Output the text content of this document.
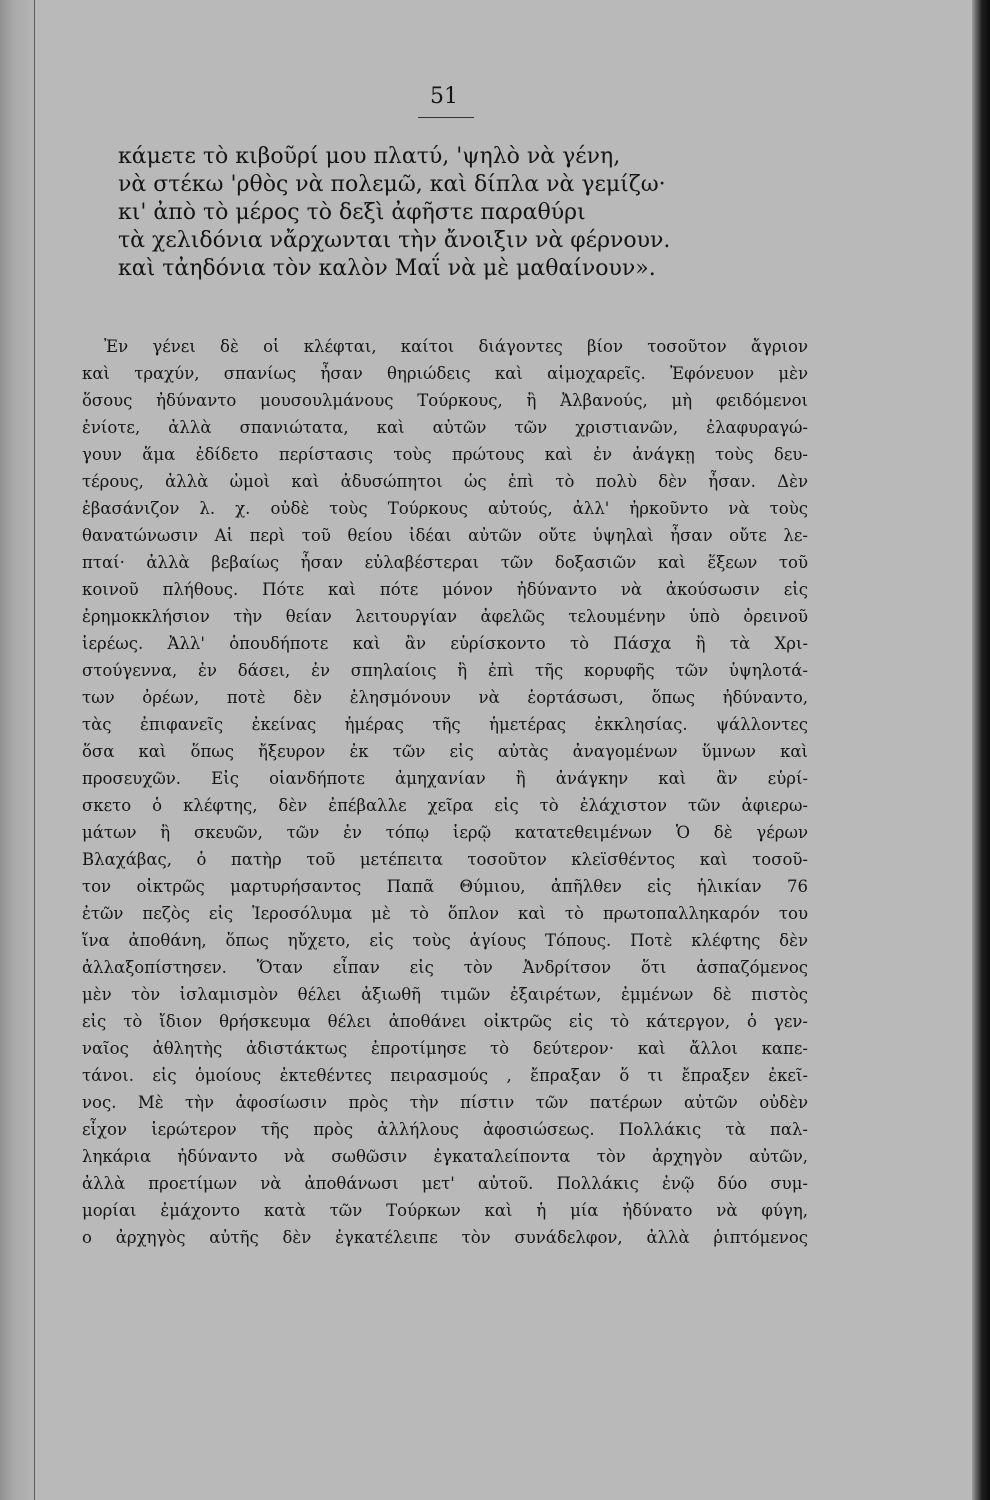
51
κάμετε τὸ κιβοῦρί μου πλατύ, 'ψηλὸ νὰ γένη,
νὰ στέκω 'ρθὸς νὰ πολεμῶ, καὶ δίπλα νὰ γεμίζω·
κι' ἀπὸ τὸ μέρος τὸ δεξὶ ἀφῆστε παραθύρι
τὰ χελιδόνια νἄρχωνται τὴν ἄνοιξιν νὰ φέρνουν.
καὶ τἀηδόνια τὸν καλὸν Μαΐ νὰ μὲ μαθαίνουν».
Ἐν γένει δὲ οἱ κλέφται, καίτοι διάγοντες βίον τοσοῦτον ἄγριον
καὶ τραχύν, σπανίως ἦσαν θηριώδεις καὶ αἱμοχαρεῖς. Ἐφόνευον μὲν
ὅσους ἠδύναντο μουσουλμάνους Τούρκους, ἢ Ἀλβανούς, μὴ φειδόμενοι
ἐνίοτε, ἀλλὰ σπανιώτατα, καὶ αὐτῶν τῶν χριστιανῶν, ἐλαφυραγώ-
γουν ἅμα ἐδίδετο περίστασις τοὺς πρώτους καὶ ἐν ἀνάγκῃ τοὺς δευ-
τέρους, ἀλλὰ ὠμοὶ καὶ ἀδυσώπητοι ὡς ἐπὶ τὸ πολὺ δὲν ἦσαν. Δὲν
ἐβασάνιζον λ. χ. οὐδὲ τοὺς Τούρκους αὐτούς, ἀλλ' ἠρκοῦντο νὰ τοὺς
θανατώνωσιν Αἱ περὶ τοῦ θείου ἰδέαι αὐτῶν οὔτε ὑψηλαὶ ἦσαν οὔτε λε-
πταί· ἀλλὰ βεβαίως ἦσαν εὐλαβέστεραι τῶν δοξασιῶν καὶ ἕξεων τοῦ
κοινοῦ πλήθους. Πότε καὶ πότε μόνον ἠδύναντο νὰ ἀκούσωσιν εἰς
ἐρημοκκλήσιον τὴν θείαν λειτουργίαν ἀφελῶς τελουμένην ὑπὸ ὀρεινοῦ
ἱερέως. Ἀλλ' ὁπουδήποτε καὶ ἂν εὑρίσκοντο τὸ Πάσχα ἢ τὰ Χρι-
στούγεννα, ἐν δάσει, ἐν σπηλαίοις ἢ ἐπὶ τῆς κορυφῆς τῶν ὑψηλοτά-
των ὀρέων, ποτὲ δὲν ἐλησμόνουν νὰ ἑορτάσωσι, ὅπως ἠδύναντο,
τὰς ἐπιφανεῖς ἐκείνας ἡμέρας τῆς ἡμετέρας ἐκκλησίας. ψάλλοντες
ὅσα καὶ ὅπως ἤξευρον ἐκ τῶν εἰς αὐτὰς ἀναγομένων ὕμνων καὶ
προσευχῶν. Εἰς οἱανδήποτε ἀμηχανίαν ἢ ἀνάγκην καὶ ἂν εὑρί-
σκετο ὁ κλέφτης, δὲν ἐπέβαλλε χεῖρα εἰς τὸ ἐλάχιστον τῶν ἀφιερω-
μάτων ἢ σκευῶν, τῶν ἐν τόπῳ ἱερῷ κατατεθειμένων Ὁ δὲ γέρων
Βλαχάβας, ὁ πατὴρ τοῦ μετέπειτα τοσοῦτον κλεϊσθέντος καὶ τοσοῦ-
τον οἰκτρῶς μαρτυρήσαντος Παπᾶ Θύμιου, ἀπῆλθεν εἰς ἡλικίαν 76
ἐτῶν πεζὸς εἰς Ἱεροσόλυμα μὲ τὸ ὅπλον καὶ τὸ πρωτοπαλληκαρόν του
ἵνα ἀποθάνη, ὅπως ηὔχετο, εἰς τοὺς ἁγίους Τόπους. Ποτὲ κλέφτης δὲν
ἀλλαξοπίστησεν. Ὅταν εἶπαν εἰς τὸν Ἀνδρίτσον ὅτι ἀσπαζόμενος
μὲν τὸν ἰσλαμισμὸν θέλει ἀξιωθῆ τιμῶν ἐξαιρέτων, ἐμμένων δὲ πιστὸς
εἰς τὸ ἴδιον θρήσκευμα θέλει ἀποθάνει οἰκτρῶς εἰς τὸ κάτεργον, ὁ γεν-
ναῖος ἀθλητὴς ἀδιστάκτως ἐπροτίμησε τὸ δεύτερον· καὶ ἄλλοι καπε-
τάνοι. εἰς ὁμοίους ἐκτεθέντες πειρασμούς , ἔπραξαν ὅ τι ἔπραξεν ἐκεῖ-
νος. Μὲ τὴν ἀφοσίωσιν πρὸς τὴν πίστιν τῶν πατέρων αὐτῶν οὐδὲν
εἶχον ἱερώτερον τῆς πρὸς ἀλλήλους ἀφοσιώσεως. Πολλάκις τὰ παλ-
ληκάρια ἠδύναντο νὰ σωθῶσιν ἐγκαταλείποντα τὸν ἀρχηγὸν αὐτῶν,
ἀλλὰ προετίμων νὰ ἀποθάνωσι μετ' αὐτοῦ. Πολλάκις ἐνῷ δύο συμ-
μορίαι ἐμάχοντο κατὰ τῶν Τούρκων καὶ ἡ μία ἠδύνατο νὰ φύγη,
ο ἀρχηγὸς αὐτῆς δὲν ἐγκατέλειπε τὸν συνάδελφον, ἀλλὰ ῥιπτόμενος
